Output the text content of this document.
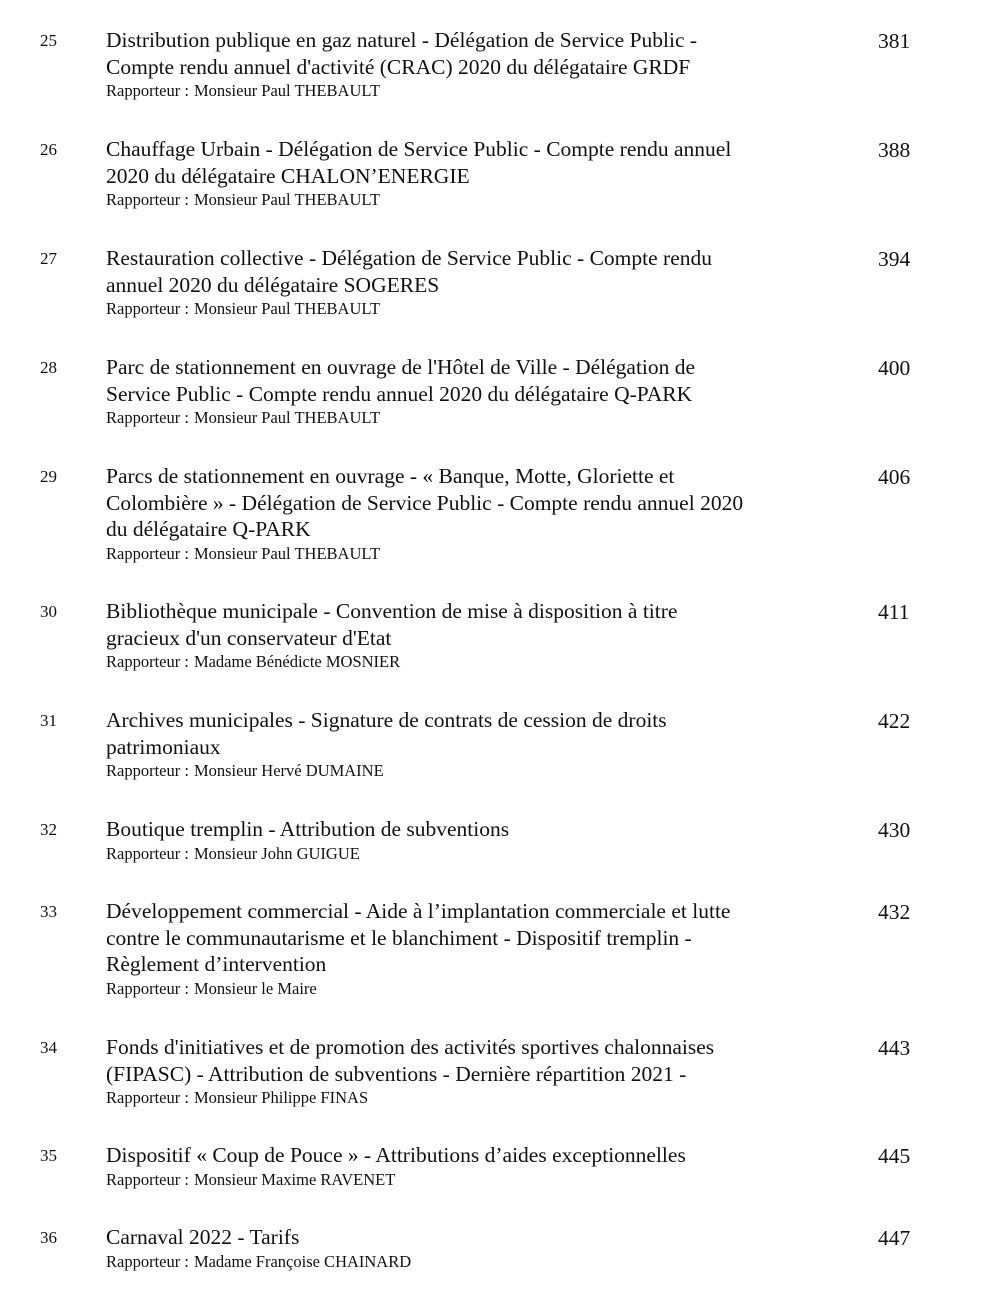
25 Distribution publique en gaz naturel - Délégation de Service Public -
Compte rendu annuel d'activité (CRAC) 2020 du délégataire GRDF
Rapporteur : Monsieur Paul THEBAULT
381
26 Chauffage Urbain - Délégation de Service Public - Compte rendu annuel
2020 du délégataire CHALON’ENERGIE
Rapporteur : Monsieur Paul THEBAULT
388
27 Restauration collective - Délégation de Service Public - Compte rendu
annuel 2020 du délégataire SOGERES
Rapporteur : Monsieur Paul THEBAULT
394
28 Parc de stationnement en ouvrage de l'Hôtel de Ville - Délégation de
Service Public - Compte rendu annuel 2020 du délégataire Q-PARK
Rapporteur : Monsieur Paul THEBAULT
400
29 Parcs de stationnement en ouvrage - « Banque, Motte, Gloriette et
Colombière » - Délégation de Service Public - Compte rendu annuel 2020
du délégataire Q-PARK
Rapporteur : Monsieur Paul THEBAULT
406
30 Bibliothèque municipale - Convention de mise à disposition à titre
gracieux d'un conservateur d'Etat
Rapporteur : Madame Bénédicte MOSNIER
411
31 Archives municipales - Signature de contrats de cession de droits
patrimoniaux
Rapporteur : Monsieur Hervé DUMAINE
422
32 Boutique tremplin - Attribution de subventions
Rapporteur : Monsieur John GUIGUE
430
33 Développement commercial - Aide à l’implantation commerciale et lutte
contre le communautarisme et le blanchiment - Dispositif tremplin -
Règlement d’intervention
Rapporteur : Monsieur le Maire
432
34 Fonds d'initiatives et de promotion des activités sportives chalonnaises
(FIPASC) - Attribution de subventions - Dernière répartition 2021 -
Rapporteur : Monsieur Philippe FINAS
443
35 Dispositif « Coup de Pouce » - Attributions d’aides exceptionnelles
Rapporteur : Monsieur Maxime RAVENET
445
36 Carnaval 2022 - Tarifs
Rapporteur : Madame Françoise CHAINARD
447
